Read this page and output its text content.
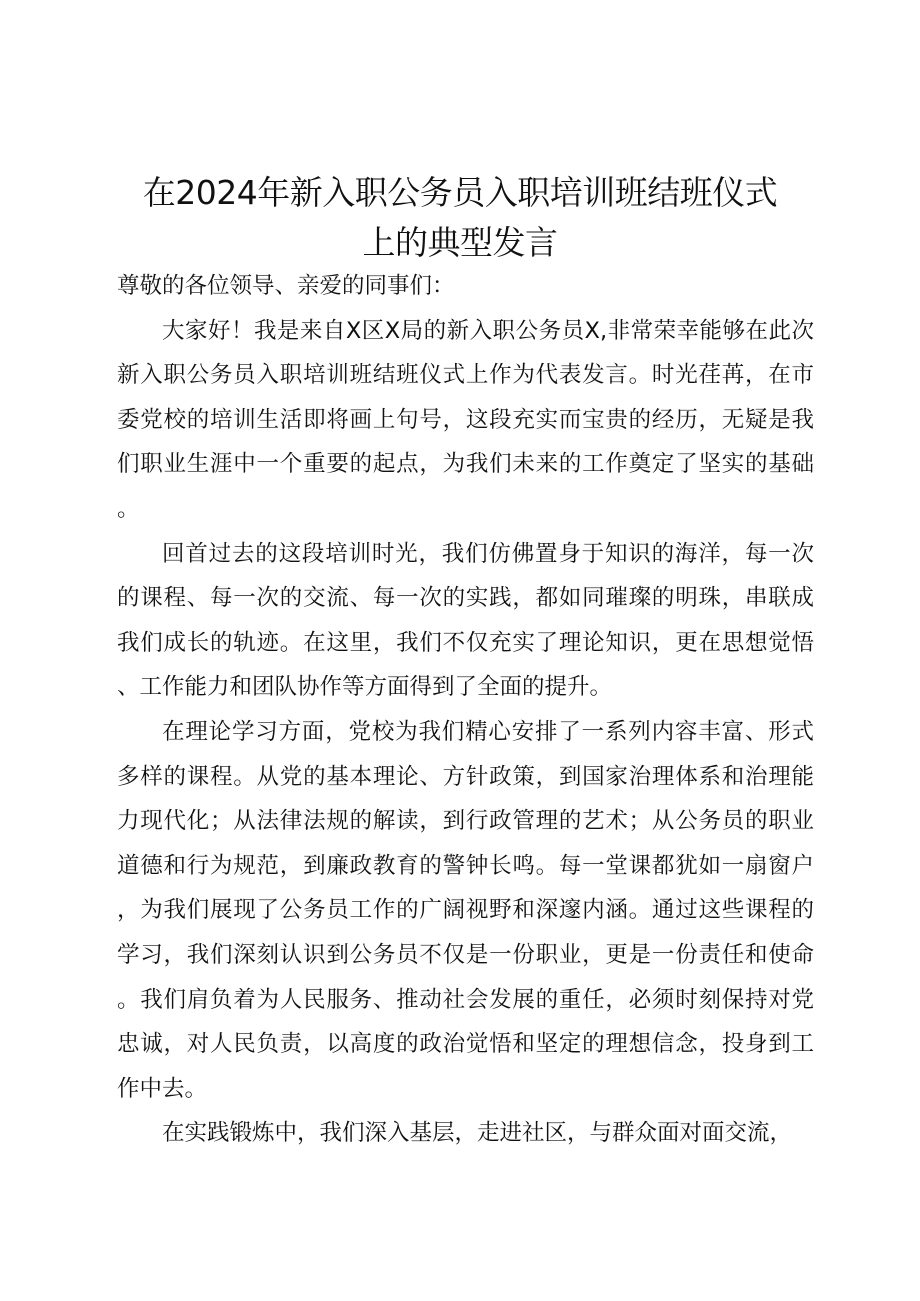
在2024年新入职公务员入职培训班结班仪式
上的典型发言

尊敬的各位领导、亲爱的同事们：

大家好！我是来自X区X局的新入职公务员X,非常荣幸能够在此次新入职公务员入职培训班结班仪式上作为代表发言。时光荏苒，在市委党校的培训生活即将画上句号，这段充实而宝贵的经历，无疑是我们职业生涯中一个重要的起点，为我们未来的工作奠定了坚实的基础。

回首过去的这段培训时光，我们仿佛置身于知识的海洋，每一次的课程、每一次的交流、每一次的实践，都如同璀璨的明珠，串联成我们成长的轨迹。在这里，我们不仅充实了理论知识，更在思想觉悟、工作能力和团队协作等方面得到了全面的提升。

在理论学习方面，党校为我们精心安排了一系列内容丰富、形式多样的课程。从党的基本理论、方针政策，到国家治理体系和治理能力现代化；从法律法规的解读，到行政管理的艺术；从公务员的职业道德和行为规范，到廉政教育的警钟长鸣。每一堂课都犹如一扇窗户，为我们展现了公务员工作的广阔视野和深邃内涵。通过这些课程的学习，我们深刻认识到公务员不仅是一份职业，更是一份责任和使命。我们肩负着为人民服务、推动社会发展的重任，必须时刻保持对党忠诚，对人民负责，以高度的政治觉悟和坚定的理想信念，投身到工作中去。

在实践锻炼中，我们深入基层，走进社区，与群众面对面交流，
